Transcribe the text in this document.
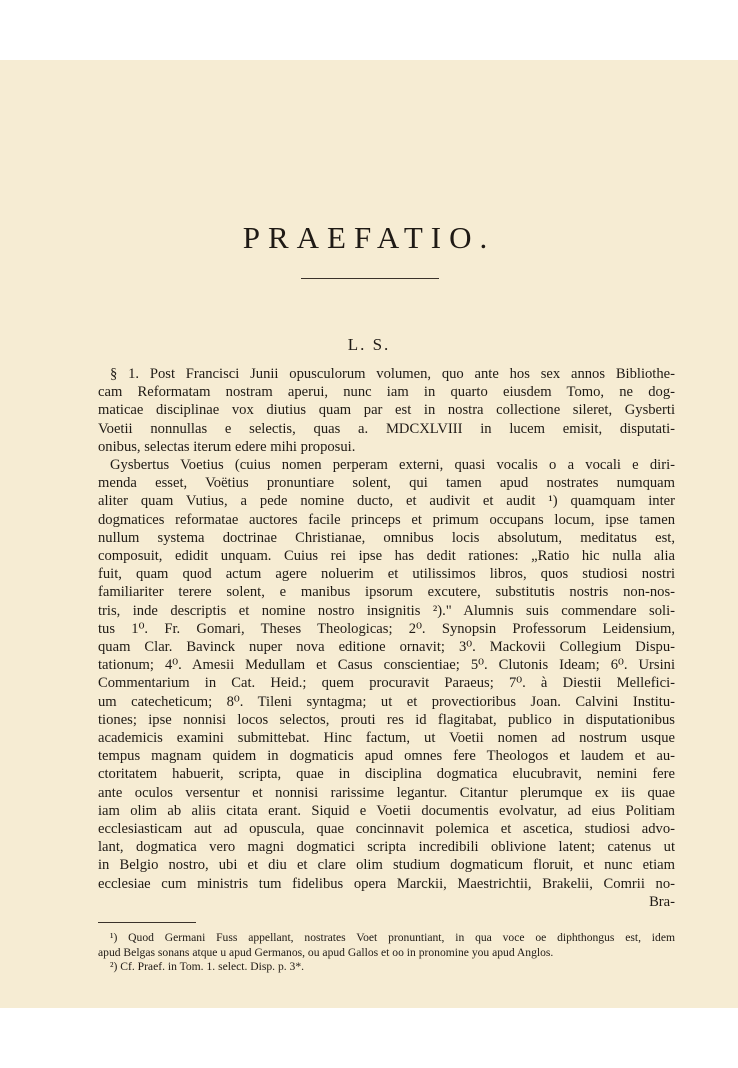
PRAEFATIO.
L. S.
§ 1. Post Francisci Junii opusculorum volumen, quo ante hos sex annos Bibliothe-
cam Reformatam nostram aperui, nunc iam in quarto eiusdem Tomo, ne dog-
maticae disciplinae vox diutius quam par est in nostra collectione sileret, Gysberti
Voetii nonnullas e selectis, quas a. MDCXLVIII in lucem emisit, disputati-
onibus, selectas iterum edere mihi proposui.
Gysbertus Voetius (cuius nomen perperam externi, quasi vocalis o a vocali e diri-
menda esset, Voëtius pronuntiare solent, qui tamen apud nostrates numquam
aliter quam Vutius, a pede nomine ducto, et audivit et audit ¹) quamquam inter
dogmatices reformatae auctores facile princeps et primum occupans locum, ipse tamen
nullum systema doctrinae Christianae, omnibus locis absolutum, meditatus est,
composuit, edidit unquam. Cuius rei ipse has dedit rationes: „Ratio hic nulla alia
fuit, quam quod actum agere noluerim et utilissimos libros, quos studiosi nostri
familiariter terere solent, e manibus ipsorum excutere, substitutis nostris non-nos-
tris, inde descriptis et nomine nostro insignitis ²)." Alumnis suis commendare soli-
tus 1⁰. Fr. Gomari, Theses Theologicas; 2⁰. Synopsin Professorum Leidensium,
quam Clar. Bavinck nuper nova editione ornavit; 3⁰. Mackovii Collegium Dispu-
tationum; 4⁰. Amesii Medullam et Casus conscientiae; 5⁰. Clutonis Ideam; 6⁰. Ursini
Commentarium in Cat. Heid.; quem procuravit Paraeus; 7⁰. à Diestii Mellefici-
um catecheticum; 8⁰. Tileni syntagma; ut et provectioribus Joan. Calvini Institu-
tiones; ipse nonnisi locos selectos, prouti res id flagitabat, publico in disputationibus
academicis examini submittebat. Hinc factum, ut Voetii nomen ad nostrum usque
tempus magnam quidem in dogmaticis apud omnes fere Theologos et laudem et au-
ctoritatem habuerit, scripta, quae in disciplina dogmatica elucubravit, nemini fere
ante oculos versentur et nonnisi rarissime legantur. Citantur plerumque ex iis quae
iam olim ab aliis citata erant. Siquid e Voetii documentis evolvatur, ad eius Politiam
ecclesiasticam aut ad opuscula, quae concinnavit polemica et ascetica, studiosi advo-
lant, dogmatica vero magni dogmatici scripta incredibili oblivione latent; catenus ut
in Belgio nostro, ubi et diu et clare olim studium dogmaticum floruit, et nunc etiam
ecclesiae cum ministris tum fidelibus opera Marckii, Maestrichtii, Brakelii, Comrii no-
Bra-
¹) Quod Germani Fuss appellant, nostrates Voet pronuntiant, in qua voce oe diphthongus est, idem
apud Belgas sonans atque u apud Germanos, ou apud Gallos et oo in pronomine you apud Anglos.
²) Cf. Praef. in Tom. 1. select. Disp. p. 3*.
